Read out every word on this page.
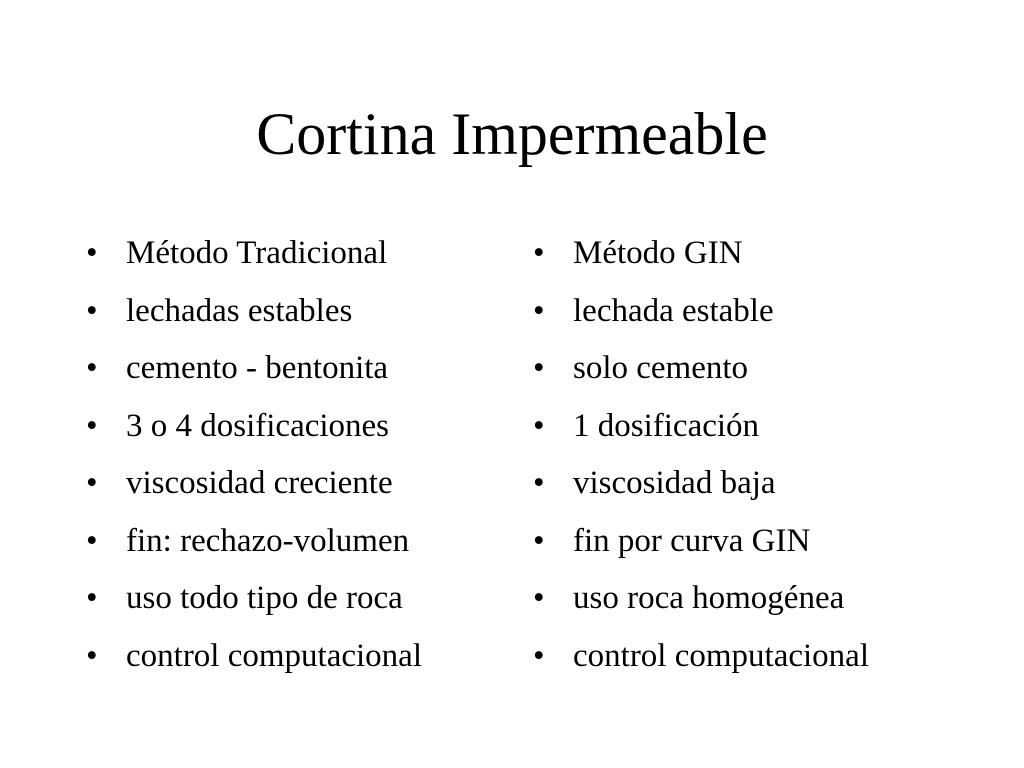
Cortina Impermeable
• Método Tradicional
• lechadas estables
• cemento - bentonita
• 3 o 4 dosificaciones
• viscosidad creciente
• fin: rechazo-volumen
• uso todo tipo de roca
• control computacional
• Método GIN
• lechada estable
• solo cemento
• 1 dosificación
• viscosidad baja
• fin por curva GIN
• uso roca homogénea
• control computacional
